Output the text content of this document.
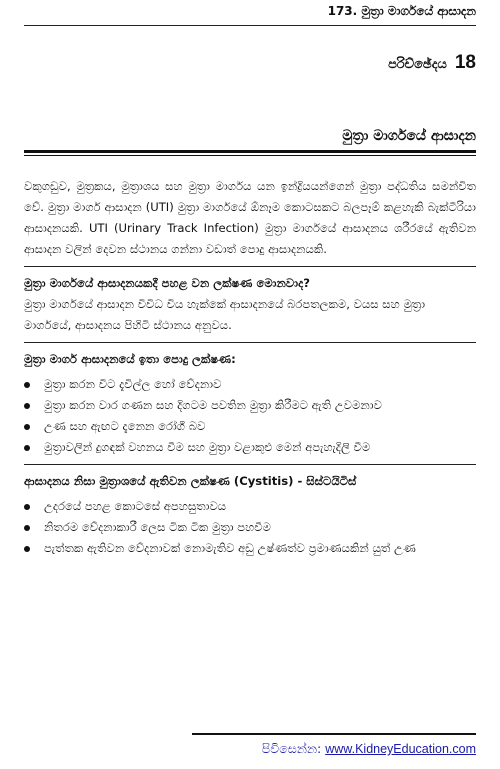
173. මුත්‍රා මාර්ගයේ ආසාදන
පරිච්ඡේදය 18
මුත්‍රා මාර්ගයේ ආසාදන

වකුගඩුව, මුත්‍රකය, මුත්‍රාශය සහ මුත්‍රා මාර්ගය යන ඉන්ද්‍රියයන්ගෙන් මුත්‍රා පද්ධතිය සමන්විත වේ. මුත්‍රා මාර්ග ආසාදන (UTI) මුත්‍රා මාර්ගයේ ඕනෑම කොටසකට බලපෑම් කළහැකි බැක්ටීරියා ආසාදනයකි. UTI (Urinary Track Infection) මුත්‍රා මාර්ගයේ ආසාදනය ශරීරයේ ඇතිවන ආසාදන වලින් දෙවන ස්ථානය ගන්නා වඩාත් පොදු ආසාදනයකි.

මුත්‍රා මාර්ගයේ ආසාදනයකදී පහළ වන ලක්ෂණ මොනවාද?

මුත්‍රා මාර්ගයේ ආසාදන විවිධ විය හැක්කේ ආසාදනයේ බරපතලකම, වයස සහ මුත්‍රා මාර්ගයේ, ආසාදනය පිහිටි ස්ථානය අනුවය.

මුත්‍රා මාර්ග ආසාදනයේ ඉතා පොදු ලක්ෂණ:

මුත්‍රා කරන විට දැවිල්ල හෝ වේදනාව
මුත්‍රා කරන වාර ගණන සහ දිගටම පවතින මුත්‍රා කිරීමට ඇති උවමනාව
උණ සහ ඇඟට දැනෙන රෝගී බව
මුත්‍රාවලින් දුගඳක් වහනය වීම සහ මුත්‍රා වළාකුළු මෙන් අපැහැදිලි වීම

ආසාදනය නිසා මුත්‍රාශයේ ඇතිවන ලක්ෂණ (Cystitis) - සිස්ටයිටිස්

උදරයේ පහළ කොටසේ අපහසුතාවය
නිතරම වේදනාකාරී ලෙස ටික ටික මුත්‍රා පහවීම
පැත්තක ඇතිවන වේදනාවක් නොමැතිව අඩු උෂ්ණත්ව ප්‍රමාණයකින් යුත් උණ
පිවිසෙන්න: www.KidneyEducation.com
